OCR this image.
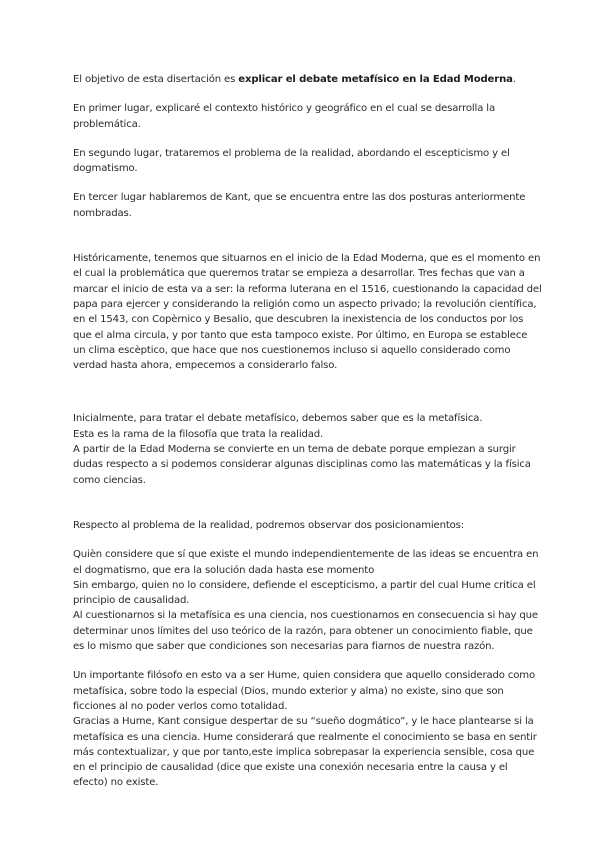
El objetivo de esta disertación es explicar el debate metafísico en la Edad Moderna.

En primer lugar, explicaré el contexto histórico y geográfico en el cual se desarrolla la problemática.

En segundo lugar, trataremos el problema de la realidad, abordando el escepticismo y el dogmatismo.

En tercer lugar hablaremos de Kant, que se encuentra entre las dos posturas anteriormente nombradas.

Históricamente, tenemos que situarnos en el inicio de la Edad Moderna, que es el momento en el cual la problemática que queremos tratar se empieza a desarrollar. Tres fechas que van a marcar el inicio de esta va a ser: la reforma luterana en el 1516, cuestionando la capacidad del papa para ejercer y considerando la religión como un aspecto privado; la revolución científica, en el 1543, con Copèrnico y Besalio, que descubren la inexistencia de los conductos por los que el alma circula, y por tanto que esta tampoco existe. Por último, en Europa se establece un clima escèptico, que hace que nos cuestionemos incluso si aquello considerado como verdad hasta ahora, empecemos a considerarlo falso.

Inicialmente, para tratar el debate metafísico, debemos saber que es la metafísica.

Esta es la rama de la filosofía que trata la realidad.

A partir de la Edad Moderna se convierte en un tema de debate porque empiezan a surgir dudas respecto a si podemos considerar algunas disciplinas como las matemáticas y la física como ciencias.

Respecto al problema de la realidad, podremos observar dos posicionamientos:

Quièn considere que sí que existe el mundo independientemente de las ideas se encuentra en el dogmatismo, que era la solución dada hasta ese momento

Sin embargo, quien no lo considere, defiende el escepticismo, a partir del cual Hume critica el principio de causalidad.

Al cuestionarnos si la metafísica es una ciencia, nos cuestionamos en consecuencia si hay que determinar unos límites del uso teórico de la razón, para obtener un conocimiento fiable, que es lo mismo que saber que condiciones son necesarias para fiarnos de nuestra razón.

Un importante filósofo en esto va a ser Hume, quien considera que aquello considerado como metafísica, sobre todo la especial (Dios, mundo exterior y alma) no existe, sino que son ficciones al no poder verlos como totalidad.

Gracias a Hume, Kant consigue despertar de su “sueño dogmático”, y le hace plantearse si la metafísica es una ciencia. Hume considerará que realmente el conocimiento se basa en sentir más contextualizar, y que por tanto,este implica sobrepasar la experiencia sensible, cosa que en el principio de causalidad (dice que existe una conexión necesaria entre la causa y el efecto) no existe.
